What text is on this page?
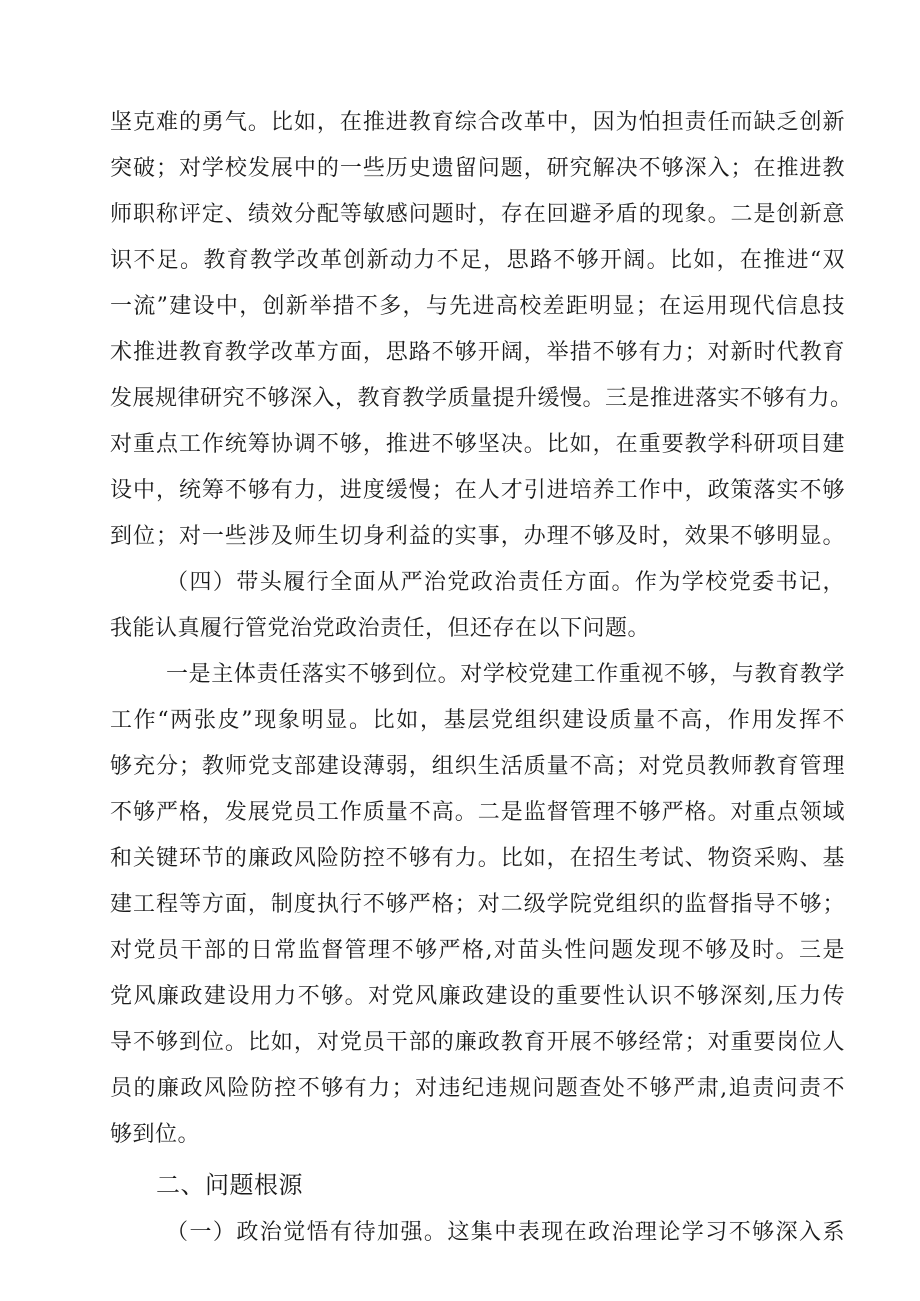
坚克难的勇气。比如，在推进教育综合改革中，因为怕担责任而缺乏创新
突破；对学校发展中的一些历史遗留问题，研究解决不够深入；在推进教
师职称评定、绩效分配等敏感问题时，存在回避矛盾的现象。二是创新意
识不足。教育教学改革创新动力不足，思路不够开阔。比如，在推进“双
一流”建设中，创新举措不多，与先进高校差距明显；在运用现代信息技
术推进教育教学改革方面，思路不够开阔，举措不够有力；对新时代教育
发展规律研究不够深入，教育教学质量提升缓慢。三是推进落实不够有力。
对重点工作统筹协调不够，推进不够坚决。比如，在重要教学科研项目建
设中，统筹不够有力，进度缓慢；在人才引进培养工作中，政策落实不够
到位；对一些涉及师生切身利益的实事，办理不够及时，效果不够明显。
（四）带头履行全面从严治党政治责任方面。作为学校党委书记，
我能认真履行管党治党政治责任，但还存在以下问题。
一是主体责任落实不够到位。对学校党建工作重视不够，与教育教学
工作“两张皮”现象明显。比如，基层党组织建设质量不高，作用发挥不
够充分；教师党支部建设薄弱，组织生活质量不高；对党员教师教育管理
不够严格，发展党员工作质量不高。二是监督管理不够严格。对重点领域
和关键环节的廉政风险防控不够有力。比如，在招生考试、物资采购、基
建工程等方面，制度执行不够严格；对二级学院党组织的监督指导不够；
对党员干部的日常监督管理不够严格,对苗头性问题发现不够及时。三是
党风廉政建设用力不够。对党风廉政建设的重要性认识不够深刻,压力传
导不够到位。比如，对党员干部的廉政教育开展不够经常；对重要岗位人
员的廉政风险防控不够有力；对违纪违规问题查处不够严肃,追责问责不
够到位。
二、问题根源
（一）政治觉悟有待加强。这集中表现在政治理论学习不够深入系
